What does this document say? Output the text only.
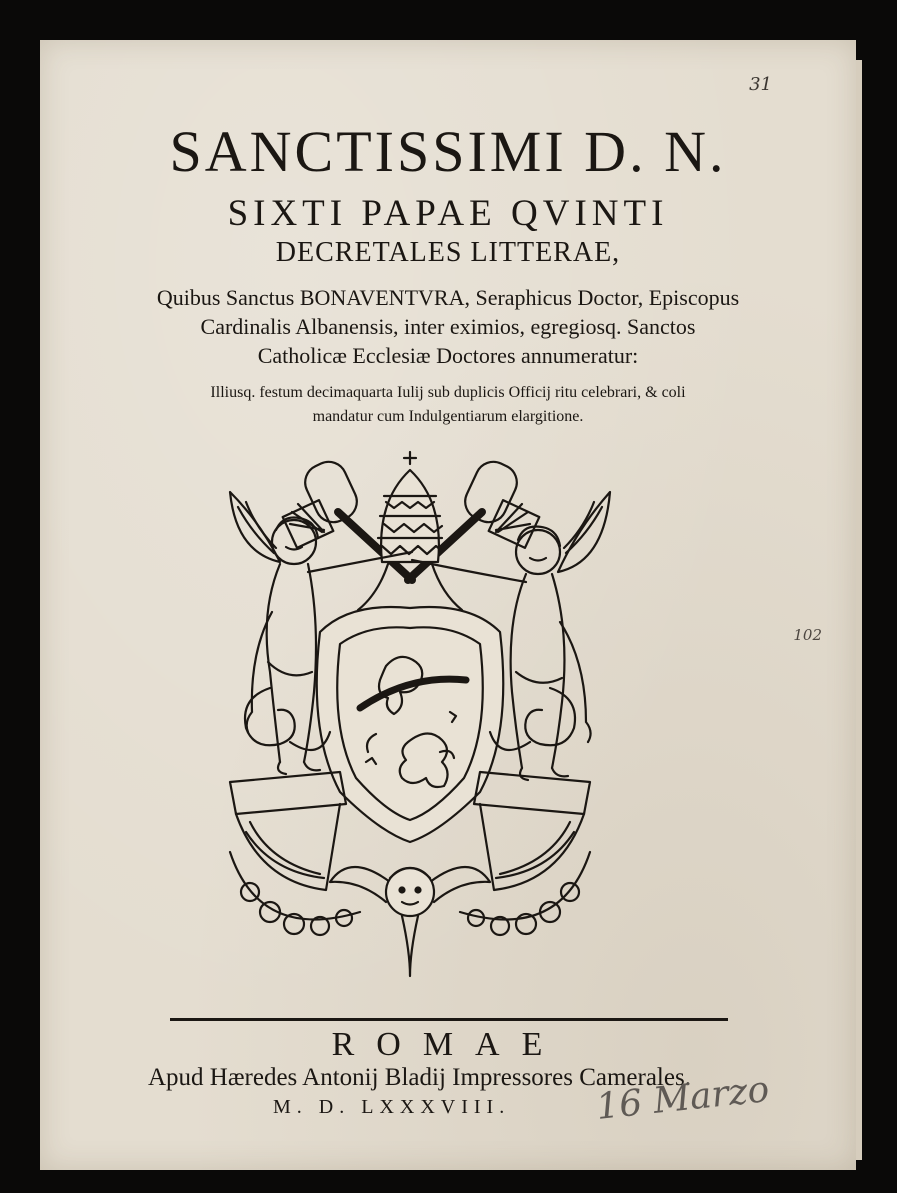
31
102
SANCTISSIMI D. N.
SIXTI PAPAE QVINTI
DECRETALES LITTERAE,
Quibus Sanctus BONAVENTVRA, Seraphicus Doctor, Episcopus
Cardinalis Albanensis, inter eximios, egregiosq. Sanctos
Catholicæ Ecclesiæ Doctores annumeratur:
Illiusq. festum decimaquarta Iulij sub duplicis Officij ritu celebrari, & coli
mandatur cum Indulgentiarum elargitione.
ROMAE
Apud Hæredes Antonij Bladij Impressores Camerales.
M. D. LXXXVIII. 16 Marzo
